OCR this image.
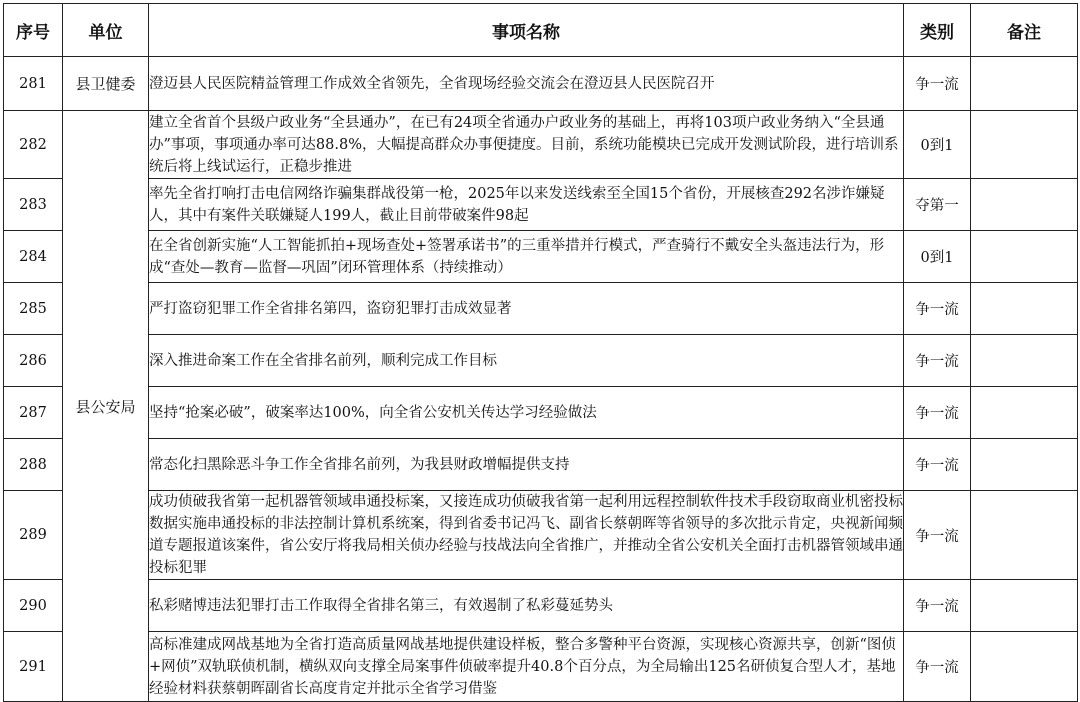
序号	单位	事项名称	类别	备注
281	县卫健委	澄迈县人民医院精益管理工作成效全省领先，全省现场经验交流会在澄迈县人民医院召开	争一流	
282	县公安局	建立全省首个县级户政业务“全县通办”，在已有24项全省通办户政业务的基础上，再将103项户政业务纳入“全县通办”事项，事项通办率可达88.8%，大幅提高群众办事便捷度。目前，系统功能模块已完成开发测试阶段，进行培训系统后将上线试运行，正稳步推进	0到1	
283		率先全省打响打击电信网络诈骗集群战役第一枪，2025年以来发送线索至全国15个省份，开展核查292名涉诈嫌疑人，其中有案件关联嫌疑人199人，截止目前带破案件98起	夺第一	
284		在全省创新实施“人工智能抓拍+现场查处+签署承诺书”的三重举措并行模式，严查骑行不戴安全头盔违法行为，形成“查处—教育—监督—巩固”闭环管理体系（持续推动）	0到1	
285		严打盗窃犯罪工作全省排名第四，盗窃犯罪打击成效显著	争一流	
286		深入推进命案工作在全省排名前列，顺利完成工作目标	争一流	
287		坚持“抢案必破”，破案率达100%，向全省公安机关传达学习经验做法	争一流	
288		常态化扫黑除恶斗争工作全省排名前列，为我县财政增幅提供支持	争一流	
289		成功侦破我省第一起机器管领域串通投标案，又接连成功侦破我省第一起利用远程控制软件技术手段窃取商业机密投标数据实施串通投标的非法控制计算机系统案，得到省委书记冯飞、副省长蔡朝晖等省领导的多次批示肯定，央视新闻频道专题报道该案件，省公安厅将我局相关侦办经验与技战法向全省推广，并推动全省公安机关全面打击机器管领域串通投标犯罪	争一流	
290		私彩赌博违法犯罪打击工作取得全省排名第三，有效遏制了私彩蔓延势头	争一流	
291		高标准建成网战基地为全省打造高质量网战基地提供建设样板，整合多警种平台资源，实现核心资源共享，创新“图侦+网侦”双轨联侦机制，横纵双向支撑全局案事件侦破率提升40.8个百分点，为全局输出125名研侦复合型人才，基地经验材料获蔡朝晖副省长高度肯定并批示全省学习借鉴	争一流	
